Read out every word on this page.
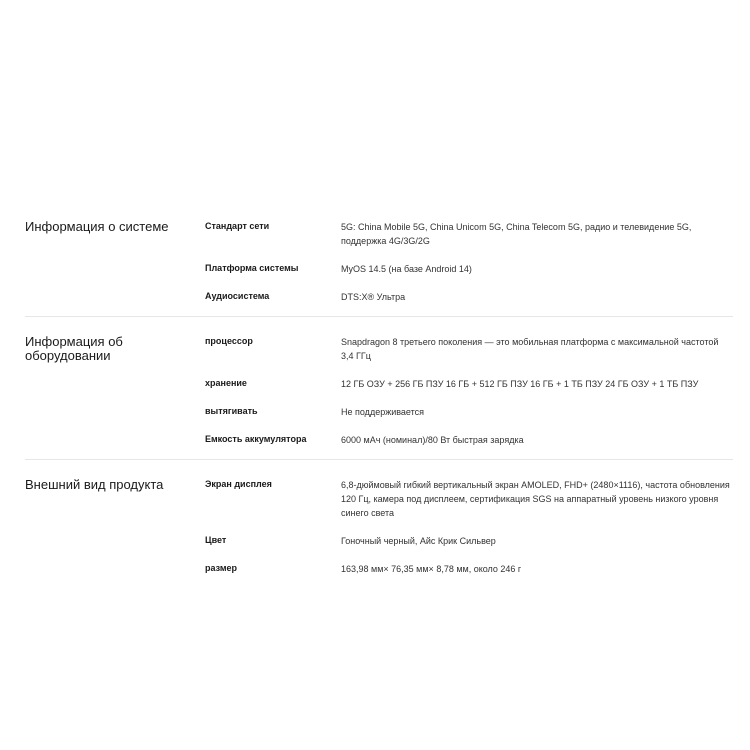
Информация о системе	Стандарт сети	5G: China Mobile 5G, China Unicom 5G, China Telecom 5G, радио и телевидение 5G, поддержка 4G/3G/2G
Платформа системы	MyOS 14.5 (на базе Android 14)
Аудиосистема	DTS:X® Ультра
Информация об оборудовании
процессор	Snapdragon 8 третьего поколения — это мобильная платформа с максимальной частотой 3,4 ГГц
хранение	12 ГБ ОЗУ + 256 ГБ ПЗУ 16 ГБ + 512 ГБ ПЗУ 16 ГБ + 1 ТБ ПЗУ 24 ГБ ОЗУ + 1 ТБ ПЗУ
вытягивать	Не поддерживается
Емкость аккумулятора	6000 мАч (номинал)/80 Вт быстрая зарядка
Внешний вид продукта	Экран дисплея	6,8-дюймовый гибкий вертикальный экран AMOLED, FHD+ (2480×1116), частота обновления 120 Гц, камера под дисплеем, сертификация SGS на аппаратный уровень низкого уровня синего света
Цвет	Гоночный черный, Айс Крик Сильвер
размер	163,98 мм× 76,35 мм× 8,78 мм, около 246 г
